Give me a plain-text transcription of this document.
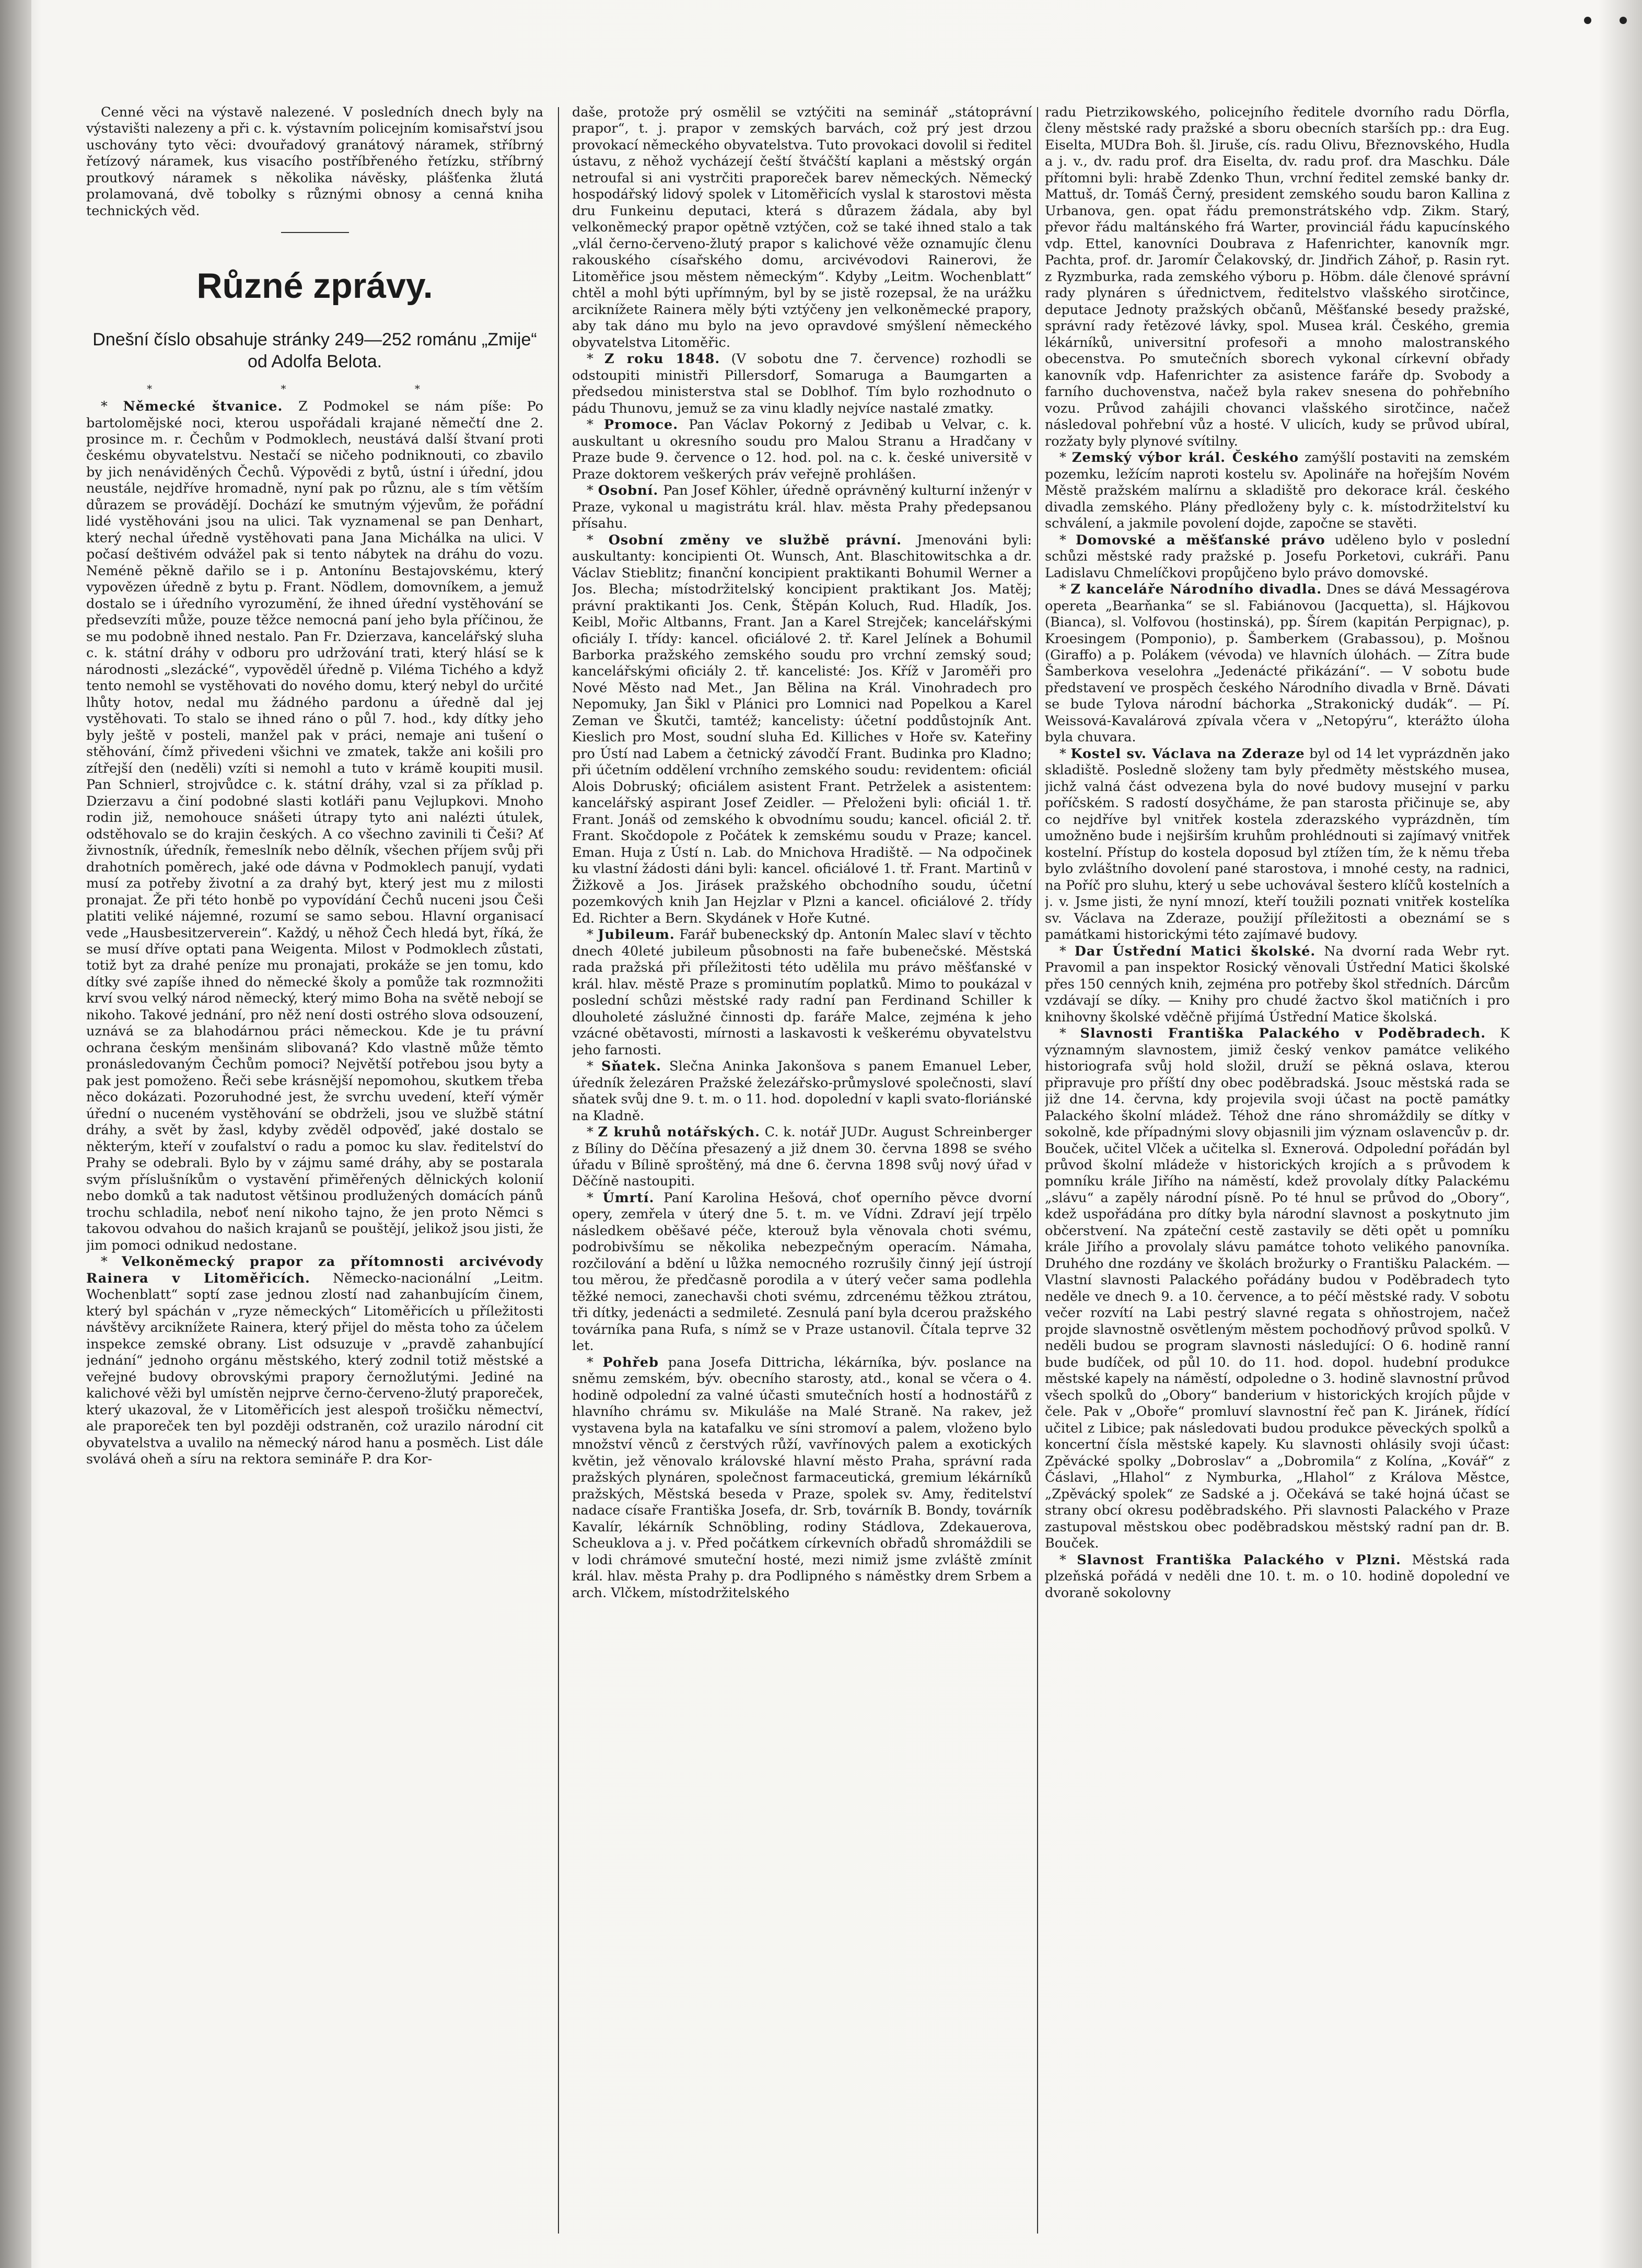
Cenné věci na výstavě nalezené. V posledních dnech byly na výstavišti nalezeny a při c. k. výstavním policejním komisařství jsou uschovány tyto věci: dvouřadový granátový náramek, stříbrný řetízový náramek, kus visacího postříbřeného řetízku, stříbrný proutkový náramek s několika návěsky, plášťenka žlutá prolamovaná, dvě tobolky s různými obnosy a cenná kniha technických věd.

Různé zprávy.

Dnešní číslo obsahuje stránky 249—252 románu „Zmije“ od Adolfa Belota.

* * *

* Německé štvanice. Z Podmokel se nám píše: Po bartolomějské noci, kterou uspořádali krajané němečtí dne 2. prosince m. r. Čechům v Podmoklech, neustává další štvaní proti českému obyvatelstvu. Nestačí se ničeho podniknouti, co zbavilo by jich nenáviděných Čechů. Výpovědi z bytů, ústní i úřední, jdou neustále, nejdříve hromadně, nyní pak po různu, ale s tím větším důrazem se provádějí. Dochází ke smutným výjevům, že pořádní lidé vystěhováni jsou na ulici. Tak vyznamenal se pan Denhart, který nechal úředně vystěhovati pana Jana Michálka na ulici. V počasí deštivém odvážel pak si tento nábytek na dráhu do vozu. Neméně pěkně dařilo se i p. Antonínu Bestajovskému, který vypovězen úředně z bytu p. Frant. Nödlem, domovníkem, a jemuž dostalo se i úředního vyrozumění, že ihned úřední vystěhování se předsevzíti může, pouze těžce nemocná paní jeho byla příčinou, že se mu podobně ihned nestalo. Pan Fr. Dzierzava, kancelářský sluha c. k. státní dráhy v odboru pro udržování trati, který hlásí se k národnosti „slezácké“, vypověděl úředně p. Viléma Tichého a když tento nemohl se vystěhovati do nového domu, který nebyl do určité lhůty hotov, nedal mu žádného pardonu a úředně dal jej vystěhovati. To stalo se ihned ráno o půl 7. hod., kdy dítky jeho byly ještě v posteli, manžel pak v práci, nemaje ani tušení o stěhování, čímž přivedeni všichni ve zmatek, takže ani košili pro zítřejší den (neděli) vzíti si nemohl a tuto v krámě koupiti musil. Pan Schnierl, strojvůdce c. k. státní dráhy, vzal si za příklad p. Dzierzavu a činí podobné slasti kotláři panu Vejlupkovi. Mnoho rodin již, nemohouce snášeti útrapy tyto ani nalézti útulek, odstěhovalo se do krajin českých. A co všechno zavinili ti Češi? Ať živnostník, úředník, řemeslník nebo dělník, všechen příjem svůj při drahotních poměrech, jaké ode dávna v Podmoklech panují, vydati musí za potřeby životní a za drahý byt, který jest mu z milosti pronajat. Že při této honbě po vypovídání Čechů nuceni jsou Češi platiti veliké nájemné, rozumí se samo sebou. Hlavní organisací vede „Hausbesitzerverein“. Každý, u něhož Čech hledá byt, říká, že se musí dříve optati pana Weigenta. Milost v Podmoklech zůstati, totiž byt za drahé peníze mu pronajati, prokáže se jen tomu, kdo dítky své zapíše ihned do německé školy a pomůže tak rozmnožiti krví svou velký národ německý, který mimo Boha na světě nebojí se nikoho. Takové jednání, pro něž není dosti ostrého slova odsouzení, uznává se za blahodárnou práci německou. Kde je tu právní ochrana českým menšinám slibovaná? Kdo vlastně může těmto pronásledovaným Čechům pomoci? Největší potřebou jsou byty a pak jest pomoženo. Řeči sebe krásnější nepomohou, skutkem třeba něco dokázati. Pozoruhodné jest, že svrchu uvedení, kteří výměr úřední o nuceném vystěhování se obdrželi, jsou ve službě státní dráhy, a svět by žasl, kdyby zvěděl odpověď, jaké dostalo se některým, kteří v zoufalství o radu a pomoc ku slav. ředitelství do Prahy se odebrali. Bylo by v zájmu samé dráhy, aby se postarala svým příslušníkům o vystavění přiměřených dělnických kolonií nebo domků a tak nadutost většinou prodlužených domácích pánů trochu schladila, neboť není nikoho tajno, že jen proto Němci s takovou odvahou do našich krajanů se pouštějí, jelikož jsou jisti, že jim pomoci odnikud nedostane.

* Velkoněmecký prapor za přítomnosti arcivévody Rainera v Litoměřicích. Německo-nacionální „Leitm. Wochenblatt“ soptí zase jednou zlostí nad zahanbujícím činem, který byl spáchán v „ryze německých“ Litoměřicích u příležitosti návštěvy arciknížete Rainera, který přijel do města toho za účelem inspekce zemské obrany. List odsuzuje v „pravdě zahanbující jednání“ jednoho orgánu městského, který zodnil totiž městské a veřejné budovy obrovskými prapory černožlutými. Jediné na kalichové věži byl umístěn nejprve černo-červeno-žlutý praporeček, který ukazoval, že v Litoměřicích jest alespoň trošičku němectví, ale praporeček ten byl později odstraněn, což urazilo národní cit obyvatelstva a uvalilo na německý národ hanu a posměch. List dále svolává oheň a síru na rektora semináře P. dra Kor-

daše, protože prý osmělil se vztýčiti na seminář „státoprávní prapor“, t. j. prapor v zemských barvách, což prý jest drzou provokací německého obyvatelstva. Tuto provokaci dovolil si ředitel ústavu, z něhož vycházejí čeští štváčští kaplani a městský orgán netroufal si ani vystrčiti praporeček barev německých. Německý hospodářský lidový spolek v Litoměřicích vyslal k starostovi města dru Funkeinu deputaci, která s důrazem žádala, aby byl velkoněmecký prapor opětně vztýčen, což se také ihned stalo a tak „vlál černo-červeno-žlutý prapor s kalichové věže oznamujíc členu rakouského císařského domu, arcivévodovi Rainerovi, že Litoměřice jsou městem německým“. Kdyby „Leitm. Wochenblatt“ chtěl a mohl býti upřímným, byl by se jistě rozepsal, že na urážku arciknížete Rainera měly býti vztýčeny jen velkoněmecké prapory, aby tak dáno mu bylo na jevo opravdové smýšlení německého obyvatelstva Litoměřic.

* Z roku 1848. (V sobotu dne 7. července) rozhodli se odstoupiti ministři Pillersdorf, Somaruga a Baumgarten a předsedou ministerstva stal se Doblhof. Tím bylo rozhodnuto o pádu Thunovu, jemuž se za vinu kladly nejvíce nastalé zmatky.

* Promoce. Pan Václav Pokorný z Jedibab u Velvar, c. k. auskultant u okresního soudu pro Malou Stranu a Hradčany v Praze bude 9. července o 12. hod. pol. na c. k. české universitě v Praze doktorem veškerých práv veřejně prohlášen.

* Osobní. Pan Josef Köhler, úředně oprávněný kulturní inženýr v Praze, vykonal u magistrátu král. hlav. města Prahy předepsanou přísahu.

* Osobní změny ve službě právní. Jmenováni byli: auskultanty: koncipienti Ot. Wunsch, Ant. Blaschitowitschka a dr. Václav Stieblitz; finanční koncipient praktikanti Bohumil Werner a Jos. Blecha; místodržitelský koncipient praktikant Jos. Matěj; právní praktikanti Jos. Cenk, Štěpán Koluch, Rud. Hladík, Jos. Keibl, Mořic Altbanns, Frant. Jan a Karel Strejček; kancelářskými oficiály I. třídy: kancel. oficiálové 2. tř. Karel Jelínek a Bohumil Barborka pražského zemského soudu pro vrchní zemský soud; kancelářskými oficiály 2. tř. kancelisté: Jos. Kříž v Jaroměři pro Nové Město nad Met., Jan Bělina na Král. Vinohradech pro Nepomuky, Jan Šikl v Plánici pro Lomnici nad Popelkou a Karel Zeman ve Škutči, tamtéž; kancelisty: účetní poddůstojník Ant. Kieslich pro Most, soudní sluha Ed. Killiches v Hoře sv. Kateřiny pro Ústí nad Labem a četnický závodčí Frant. Budinka pro Kladno; při účetním oddělení vrchního zemského soudu: revidentem: oficiál Alois Dobruský; oficiálem asistent Frant. Petrželek a asistentem: kancelářský aspirant Josef Zeidler. — Přeloženi byli: oficiál 1. tř. Frant. Jonáš od zemského k obvodnímu soudu; kancel. oficiál 2. tř. Frant. Skočdopole z Počátek k zemskému soudu v Praze; kancel. Eman. Huja z Ústí n. Lab. do Mnichova Hradiště. — Na odpočinek ku vlastní žádosti dáni byli: kancel. oficiálové 1. tř. Frant. Martinů v Žižkově a Jos. Jirásek pražského obchodního soudu, účetní pozemkových knih Jan Hejzlar v Plzni a kancel. oficiálové 2. třídy Ed. Richter a Bern. Skydánek v Hoře Kutné.

* Jubileum. Farář bubeneckský dp. Antonín Malec slaví v těchto dnech 40leté jubileum působnosti na faře bubenečské. Městská rada pražská při příležitosti této udělila mu právo měšťanské v král. hlav. městě Praze s prominutím poplatků. Mimo to poukázal v poslední schůzi městské rady radní pan Ferdinand Schiller k dlouholeté záslužné činnosti dp. faráře Malce, zejména k jeho vzácné obětavosti, mírnosti a laskavosti k veškerému obyvatelstvu jeho farnosti.

* Sňatek. Slečna Aninka Jakonšova s panem Emanuel Leber, úředník železáren Pražské železářsko-průmyslové společnosti, slaví sňatek svůj dne 9. t. m. o 11. hod. dopolední v kapli svato-floriánské na Kladně.

* Z kruhů notářských. C. k. notář JUDr. August Schreinberger z Bíliny do Děčína přesazený a již dnem 30. června 1898 se svého úřadu v Bílině sproštěný, má dne 6. června 1898 svůj nový úřad v Děčíně nastoupiti.

* Úmrtí. Paní Karolina Hešová, choť operního pěvce dvorní opery, zemřela v úterý dne 5. t. m. ve Vídni. Zdraví její trpělo následkem oběšavé péče, kterouž byla věnovala choti svému, podrobivšímu se několika nebezpečným operacím. Námaha, rozčilování a bdění u lůžka nemocného rozrušily činný její ústrojí tou měrou, že předčasně porodila a v úterý večer sama podlehla těžké nemoci, zanechavši choti svému, zdrcenému těžkou ztrátou, tři dítky, jedenácti a sedmileté. Zesnulá paní byla dcerou pražského továrníka pana Rufa, s nímž se v Praze ustanovil. Čítala teprve 32 let.

* Pohřeb pana Josefa Dittricha, lékárníka, býv. poslance na sněmu zemském, býv. obecního starosty, atd., konal se včera o 4. hodině odpolední za valné účasti smutečních hostí a hodnostářů z hlavního chrámu sv. Mikuláše na Malé Straně. Na rakev, jež vystavena byla na katafalku ve síni stromoví a palem, vloženo bylo množství věnců z čerstvých růží, vavřínových palem a exotických květin, jež věnovalo královské hlavní město Praha, správní rada pražských plynáren, společnost farmaceutická, gremium lékárníků pražských, Městská beseda v Praze, spolek sv. Amy, ředitelství nadace císaře Františka Josefa, dr. Srb, továrník B. Bondy, továrník Kavalír, lékárník Schnöbling, rodiny Stádlova, Zdekauerova, Scheuklova a j. v. Před počátkem církevních obřadů shromáždili se v lodi chrámové smuteční hosté, mezi nimiž jsme zvláště zmínit král. hlav. města Prahy p. dra Podlipného s náměstky drem Srbem a arch. Vlčkem, místodržitelského

radu Pietrzikowského, policejního ředitele dvorního radu Dörfla, členy městské rady pražské a sboru obecních starších pp.: dra Eug. Eiselta, MUDra Boh. šl. Jiruše, cís. radu Olivu, Březnovského, Hudla a j. v., dv. radu prof. dra Eiselta, dv. radu prof. dra Maschku. Dále přítomni byli: hrabě Zdenko Thun, vrchní ředitel zemské banky dr. Mattuš, dr. Tomáš Černý, president zemského soudu baron Kallina z Urbanova, gen. opat řádu premonstrátského vdp. Zikm. Starý, převor řádu maltánského frá Warter, provinciál řádu kapucínského vdp. Ettel, kanovníci Doubrava z Hafenrichter, kanovník mgr. Pachta, prof. dr. Jaromír Čelakovský, dr. Jindřich Záhoř, p. Rasin ryt. z Ryzmburka, rada zemského výboru p. Höbm. dále členové správní rady plynáren s úřednictvem, ředitelstvo vlašského sirotčince, deputace Jednoty pražských občanů, Měšťanské besedy pražské, správní rady řetězové lávky, spol. Musea král. Českého, gremia lékárníků, universitní profesoři a mnoho malostranského obecenstva. Po smutečních sborech vykonal církevní obřady kanovník vdp. Hafenrichter za asistence faráře dp. Svobody a farního duchovenstva, načež byla rakev snesena do pohřebního vozu. Průvod zahájili chovanci vlašského sirotčince, načež následoval pohřební vůz a hosté. V ulicích, kudy se průvod ubíral, rozžaty byly plynové svítilny.

* Zemský výbor král. Českého zamýšlí postaviti na zemském pozemku, ležícím naproti kostelu sv. Apolináře na hořejším Novém Městě pražském malírnu a skladiště pro dekorace král. českého divadla zemského. Plány předloženy byly c. k. místodržitelství ku schválení, a jakmile povolení dojde, započne se stavěti.

* Domovské a měšťanské právo uděleno bylo v poslední schůzi městské rady pražské p. Josefu Porketovi, cukráři. Panu Ladislavu Chmelíčkovi propůjčeno bylo právo domovské.

* Z kanceláře Národního divadla. Dnes se dává Messagérova opereta „Bearňanka“ se sl. Fabiánovou (Jacquetta), sl. Hájkovou (Bianca), sl. Volfovou (hostinská), pp. Šírem (kapitán Perpignac), p. Kroesingem (Pomponio), p. Šamberkem (Grabassou), p. Mošnou (Giraffo) a p. Polákem (vévoda) ve hlavních úlohách. — Zítra bude Šamberkova veselohra „Jedenácté přikázání“. — V sobotu bude představení ve prospěch českého Národního divadla v Brně. Dávati se bude Tylova národní báchorka „Strakonický dudák“. — Pí. Weissová-Kavalárová zpívala včera v „Netopýru“, kterážto úloha byla chuvara.

* Kostel sv. Václava na Zderaze byl od 14 let vyprázdněn jako skladiště. Posledně složeny tam byly předměty městského musea, jichž valná část odvezena byla do nové budovy musejní v parku poříčském. S radostí dosyčháme, že pan starosta přičinuje se, aby co nejdříve byl vnitřek kostela zderazského vyprázdněn, tím umožněno bude i nejširším kruhům prohlédnouti si zajímavý vnitřek kostelní. Přístup do kostela doposud byl ztížen tím, že k němu třeba bylo zvláštního dovolení pané starostova, i mnohé cesty, na radnici, na Poříč pro sluhu, který u sebe uchovával šestero klíčů kostelních a j. v. Jsme jisti, že nyní mnozí, kteří toužili poznati vnitřek kostelíka sv. Václava na Zderaze, použijí příležitosti a obeznámí se s památkami historickými této zajímavé budovy.

* Dar Ústřední Matici školské. Na dvorní rada Webr ryt. Pravomil a pan inspektor Rosický věnovali Ústřední Matici školské přes 150 cenných knih, zejména pro potřeby škol středních. Dárcům vzdávají se díky. — Knihy pro chudé žactvo škol matičních i pro knihovny školské vděčně přijímá Ústřední Matice školská.

* Slavnosti Františka Palackého v Poděbradech. K významným slavnostem, jimiž český venkov památce velikého historiografa svůj hold složil, druží se pěkná oslava, kterou připravuje pro příští dny obec poděbradská. Jsouc městská rada se již dne 14. června, kdy projevila svoji účast na poctě památky Palackého školní mládež. Téhož dne ráno shromáždily se dítky v sokolně, kde případnými slovy objasnili jim význam oslavencův p. dr. Bouček, učitel Vlček a učitelka sl. Exnerová. Odpolední pořádán byl průvod školní mládeže v historických krojích a s průvodem k pomníku krále Jiřího na náměstí, kdež provolaly dítky Palackému „slávu“ a zapěly národní písně. Po té hnul se průvod do „Obory“, kdež uspořádána pro dítky byla národní slavnost a poskytnuto jim občerstvení. Na zpáteční cestě zastavily se děti opět u pomníku krále Jiřího a provolaly slávu památce tohoto velikého panovníka. Druhého dne rozdány ve školách brožurky o Františku Palackém. — Vlastní slavnosti Palackého pořádány budou v Poděbradech tyto neděle ve dnech 9. a 10. července, a to péčí městské rady. V sobotu večer rozvítí na Labi pestrý slavné regata s ohňostrojem, načež projde slavnostně osvětleným městem pochodňový průvod spolků. V neděli budou se program slavnosti následující: O 6. hodině ranní bude budíček, od půl 10. do 11. hod. dopol. hudební produkce městské kapely na náměstí, odpoledne o 3. hodině slavnostní průvod všech spolků do „Obory“ banderium v historických krojích půjde v čele. Pak v „Oboře“ promluví slavnostní řeč pan K. Jiránek, řídící učitel z Libice; pak následovati budou produkce pěveckých spolků a koncertní čísla městské kapely. Ku slavnosti ohlásily svoji účast: Zpěvácké spolky „Dobroslav“ a „Dobromila“ z Kolína, „Kovář“ z Čáslavi, „Hlahol“ z Nymburka, „Hlahol“ z Králova Městce, „Zpěvácký spolek“ ze Sadské a j. Očekává se také hojná účast se strany obcí okresu poděbradského. Při slavnosti Palackého v Praze zastupoval městskou obec poděbradskou městský radní pan dr. B. Bouček.

* Slavnost Františka Palackého v Plzni. Městská rada plzeňská pořádá v neděli dne 10. t. m. o 10. hodině dopolední ve dvoraně sokolovny
